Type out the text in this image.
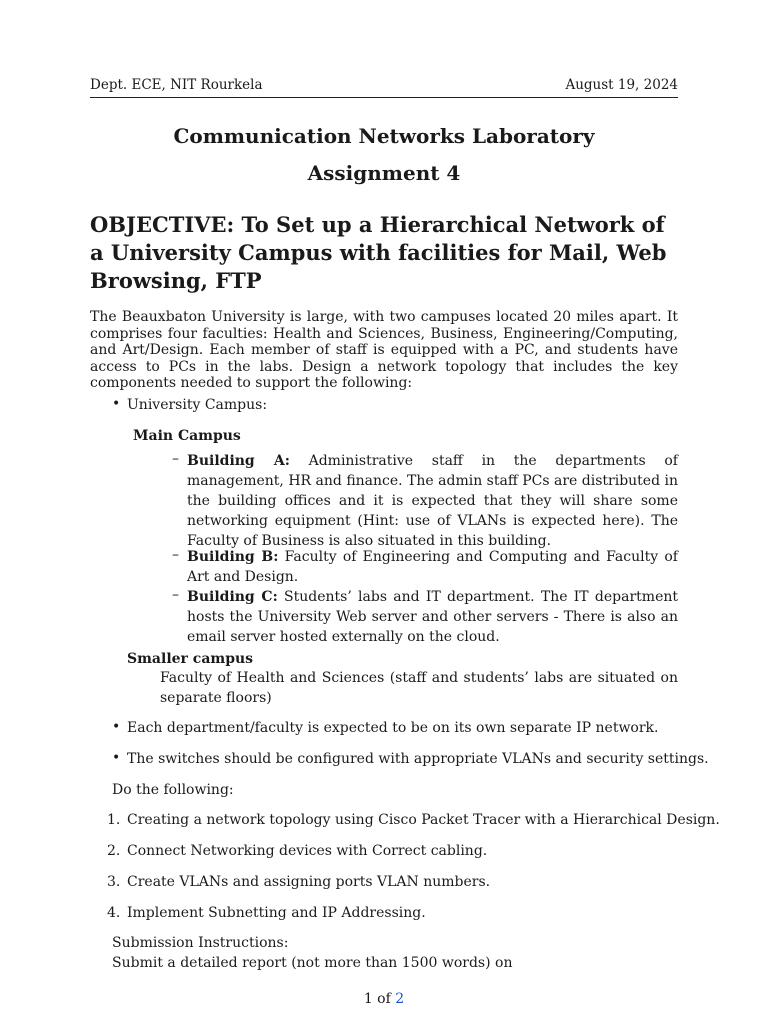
Dept. ECE, NIT Rourkela	August 19, 2024
Communication Networks Laboratory
Assignment 4
OBJECTIVE: To Set up a Hierarchical Network of a University Campus with facilities for Mail, Web Browsing, FTP
The Beauxbaton University is large, with two campuses located 20 miles apart. It comprises four faculties: Health and Sciences, Business, Engineering/Computing, and Art/Design. Each member of staff is equipped with a PC, and students have access to PCs in the labs. Design a network topology that includes the key components needed to support the following:
• University Campus:
Main Campus
– Building A: Administrative staff in the departments of management, HR and finance. The admin staff PCs are distributed in the building offices and it is expected that they will share some networking equipment (Hint: use of VLANs is expected here). The Faculty of Business is also situated in this building.
– Building B: Faculty of Engineering and Computing and Faculty of Art and Design.
– Building C: Students’ labs and IT department. The IT department hosts the University Web server and other servers - There is also an email server hosted externally on the cloud.
Smaller campus
Faculty of Health and Sciences (staff and students’ labs are situated on separate floors)
• Each department/faculty is expected to be on its own separate IP network.
• The switches should be configured with appropriate VLANs and security settings.
Do the following:
1. Creating a network topology using Cisco Packet Tracer with a Hierarchical Design.
2. Connect Networking devices with Correct cabling.
3. Create VLANs and assigning ports VLAN numbers.
4. Implement Subnetting and IP Addressing.
Submission Instructions:
Submit a detailed report (not more than 1500 words) on
1 of 2
